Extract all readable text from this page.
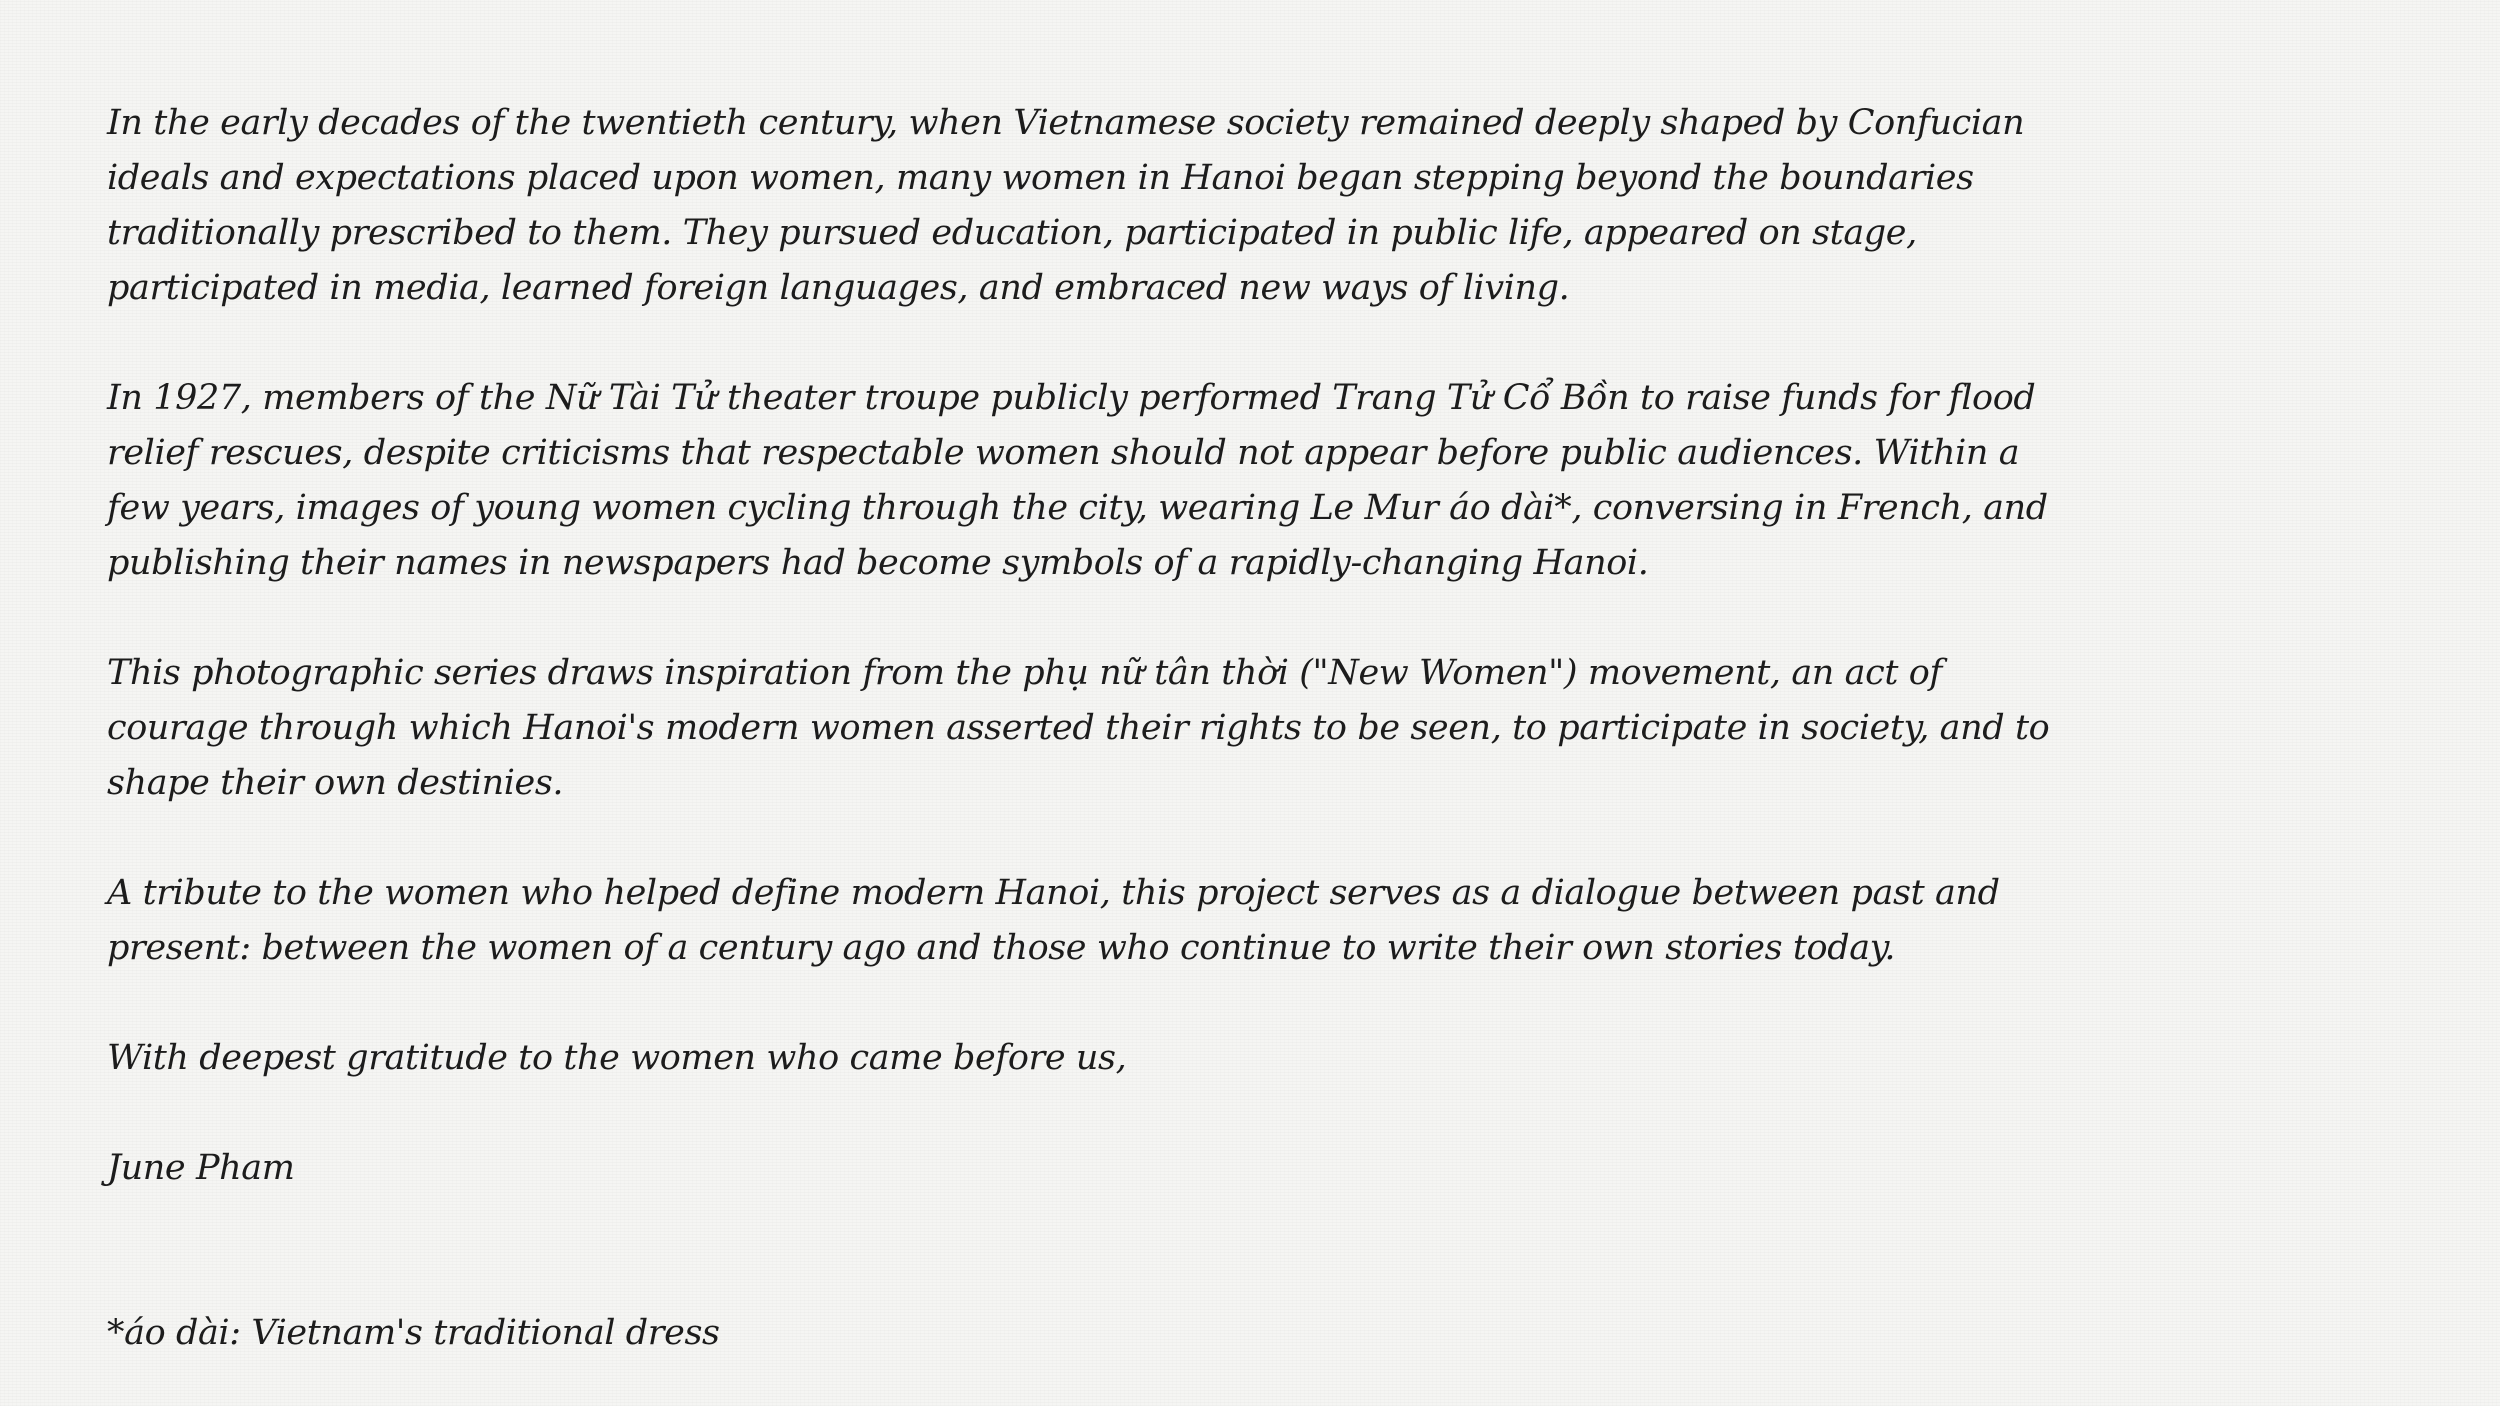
In the early decades of the twentieth century, when Vietnamese society remained deeply shaped by Confucian ideals and expectations placed upon women, many women in Hanoi began stepping beyond the boundaries traditionally prescribed to them. They pursued education, participated in public life, appeared on stage, participated in media, learned foreign languages, and embraced new ways of living.

In 1927, members of the Nữ Tài Tử theater troupe publicly performed Trang Tử Cổ Bồn to raise funds for flood relief rescues, despite criticisms that respectable women should not appear before public audiences. Within a few years, images of young women cycling through the city, wearing Le Mur áo dài*, conversing in French, and publishing their names in newspapers had become symbols of a rapidly-changing Hanoi.

This photographic series draws inspiration from the phụ nữ tân thời ("New Women") movement, an act of courage through which Hanoi's modern women asserted their rights to be seen, to participate in society, and to shape their own destinies.

A tribute to the women who helped define modern Hanoi, this project serves as a dialogue between past and present: between the women of a century ago and those who continue to write their own stories today.

With deepest gratitude to the women who came before us,

June Pham

*áo dài: Vietnam's traditional dress
